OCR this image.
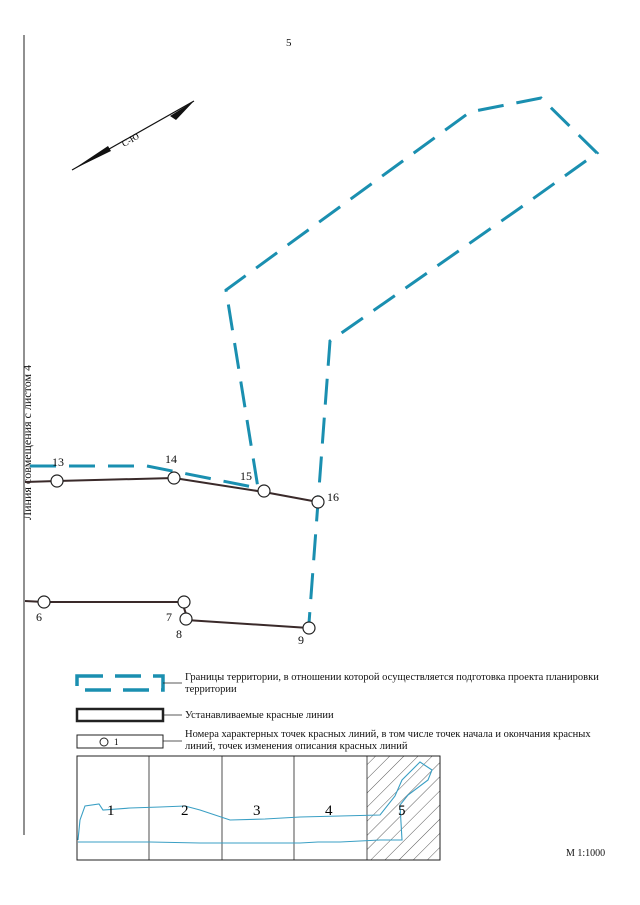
5
Линия совмещения с листом 4
С-Ю
13	14
15
16
6	7
8	9
1
1	2	3	4	5
Границы территории, в отношении которой осуществляется подготовка проекта планировки территории
Устанавливаемые красные линии
Номера характерных точек красных линий, в том числе точек начала и окончания красных линий, точек изменения описания красных линий
М 1:1000
